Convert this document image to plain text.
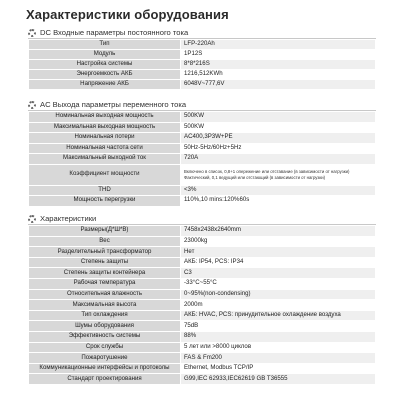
Характеристики оборудования
DC Входные параметры постоянного тока
Тип	LFP-220Ah
Модуль	1P12S
Настройка системы	8*8*216S
Энергоемкость АКБ	1216,512KWh
Напряжение АКБ	6048V~777,6V
AC Выхода параметры переменного тока
Номинальная выходная мощность	500KW
Максимальная выходная мощность	500KW
Номинальная потери	AC400,3P3W+PE
Номинальная частота сети	50Hz-5Hz/60Hz+5Hz
Максимальный выходной ток	720A
Коэффициент мощности	Включено в список, 0,8+1 опережение или отставание (в зависимости от нагрузки)
Фактический, 0,1 ведущий или отстающий (в зависимости от нагрузки)

THD	<3%
Мощность перегрузки	110%,10 mins:120%60s
Характеристики
Размеры(Д*Ш*В)	7458x2438x2640mm
Вес	23000kg
Разделительный трансформатор	Нет
Степень защиты	АКБ: IP54, PCS: IP34
Степень защиты контейнера	C3
Рабочая температура	-33°C~55°C
Относительная влажность	0~95%(non-condensing)
Максимальная высота	2000m
Тип охлаждения	АКБ: HVAC, PCS: принудительное охлаждение воздуха
Шумы оборудования	75dB
Эффективность системы	88%
Срок службы	5 лет или >8000 циклов
Пожаротушение	FAS & Fm200
Коммуникационные интерфейсы и протоколы	Ethernet, Modbus TCP/IP
Стандарт проектирования	G99,IEC 62933,IEC62619 GB T36555
